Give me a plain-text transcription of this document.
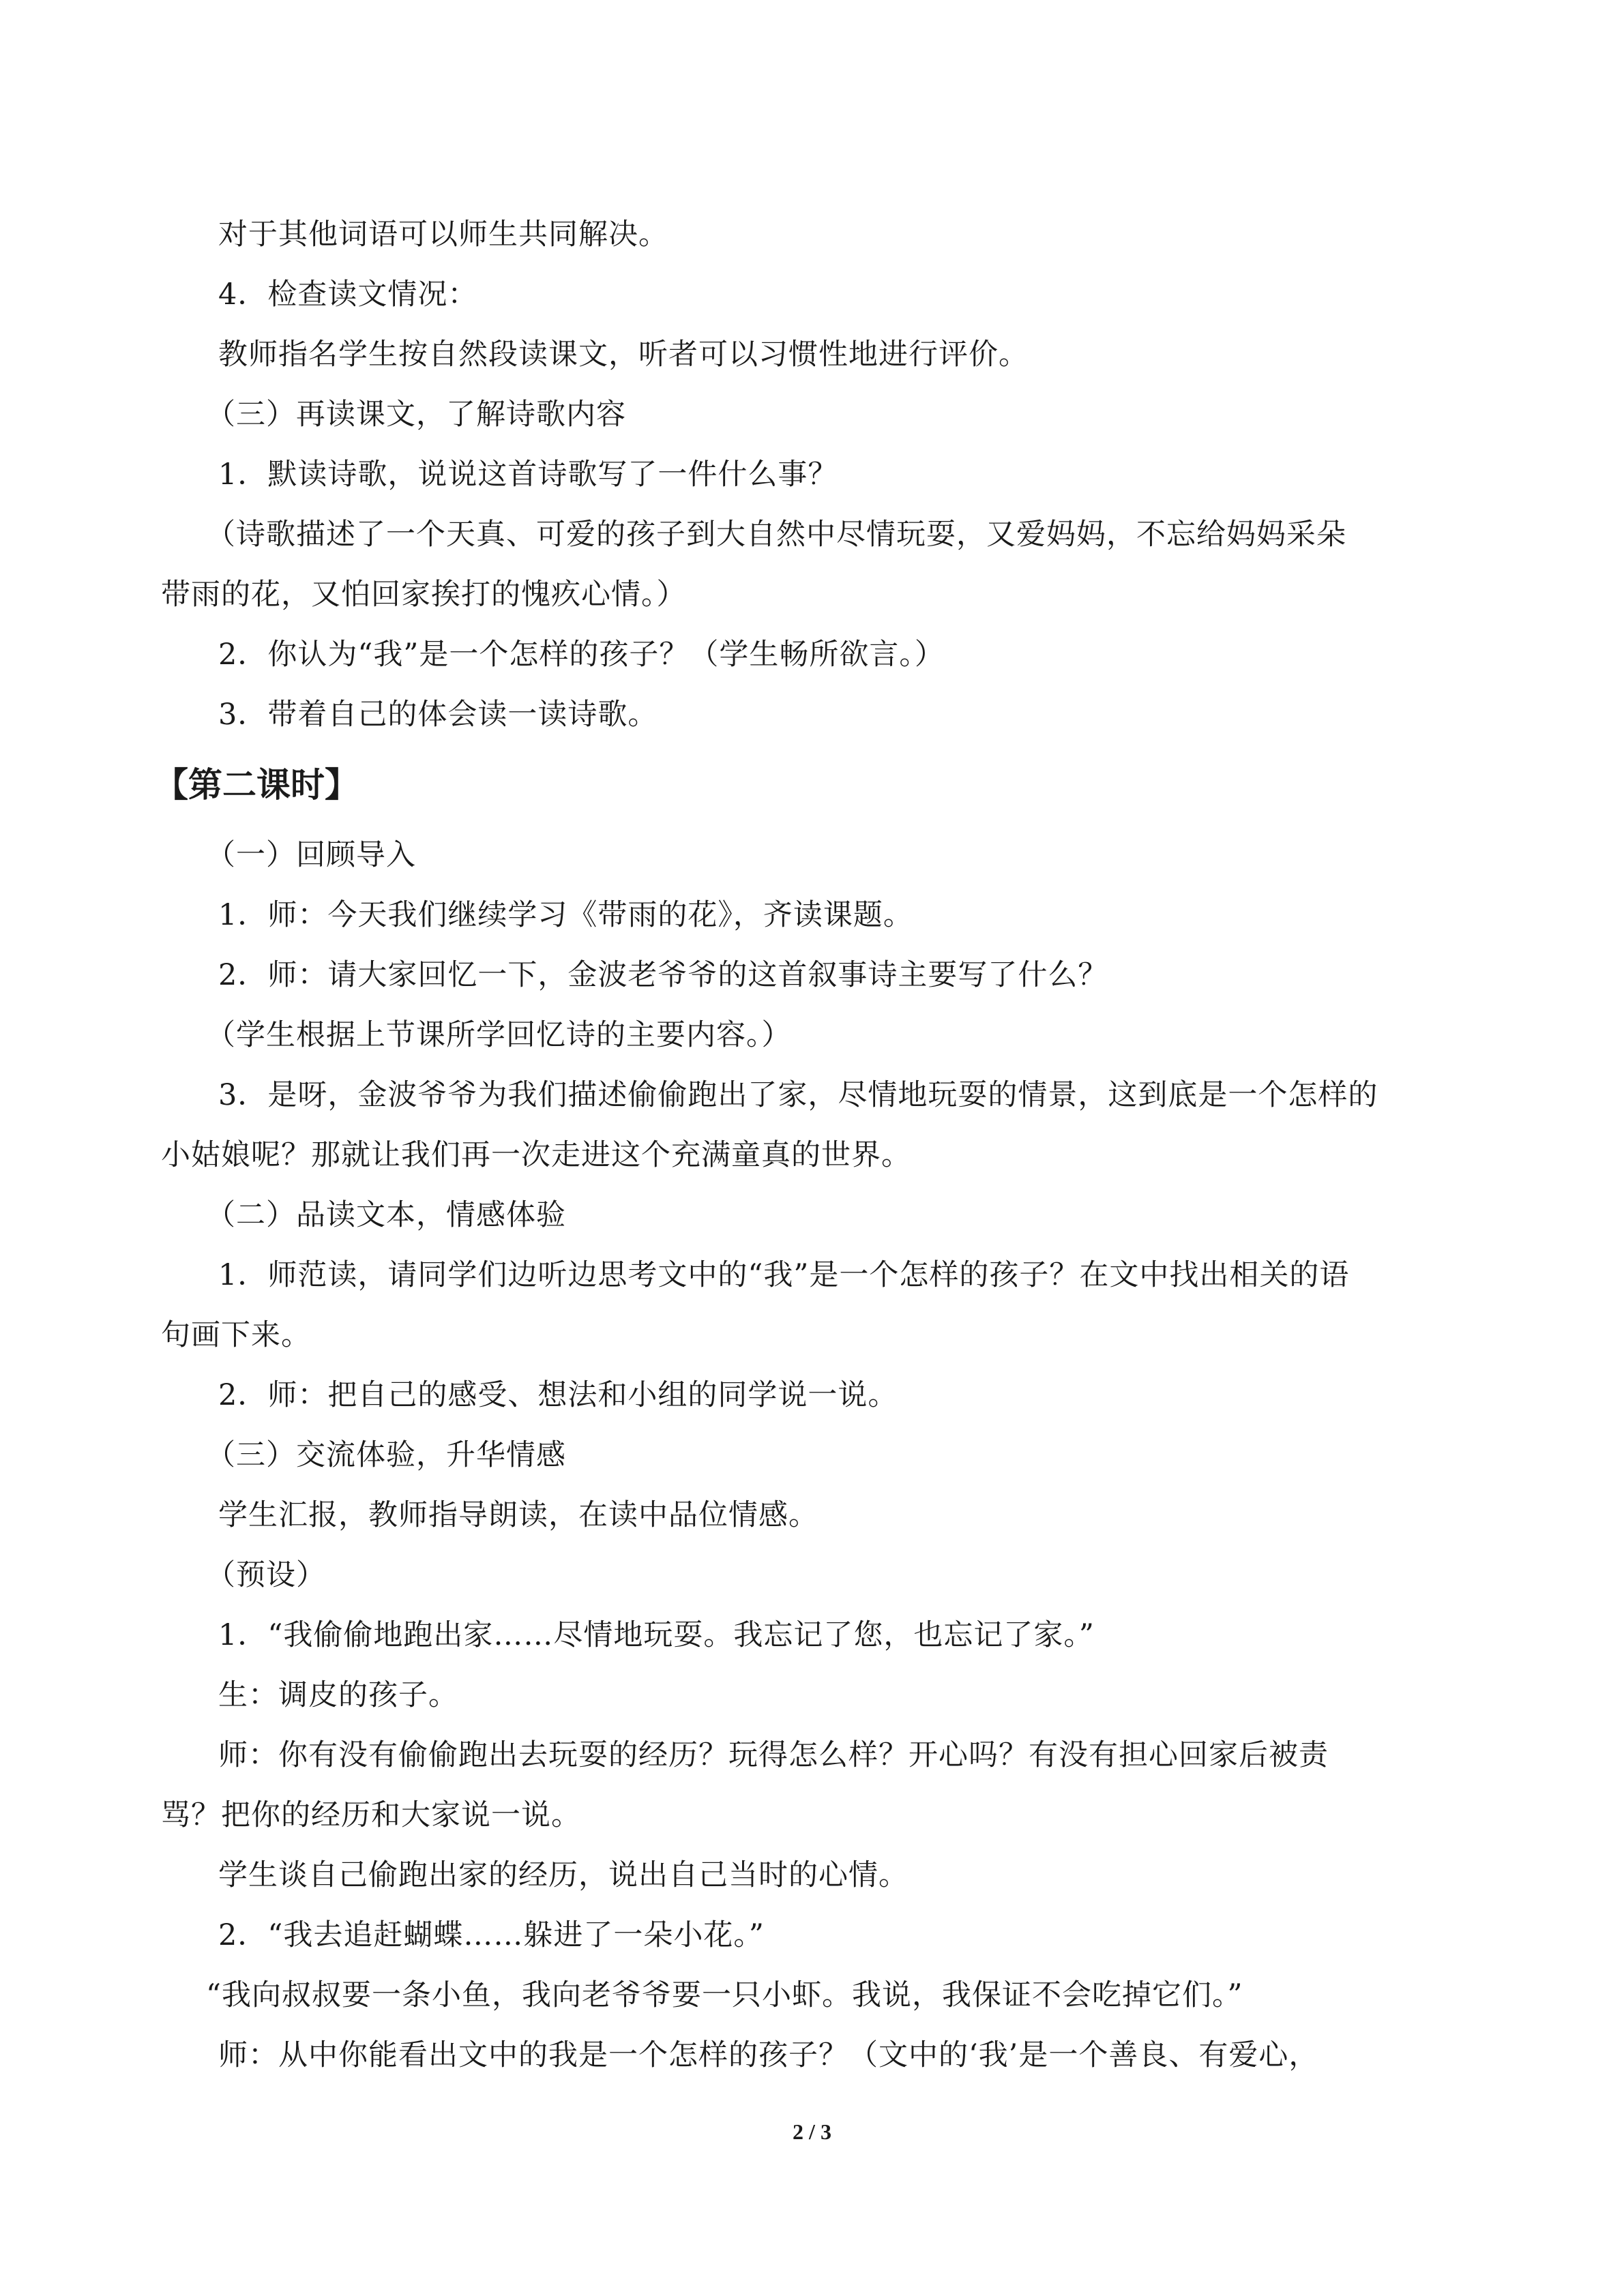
对于其他词语可以师生共同解决。
4．检查读文情况：
教师指名学生按自然段读课文，听者可以习惯性地进行评价。
（三）再读课文，了解诗歌内容
1．默读诗歌，说说这首诗歌写了一件什么事？
（诗歌描述了一个天真、可爱的孩子到大自然中尽情玩耍，又爱妈妈，不忘给妈妈采朵
带雨的花，又怕回家挨打的愧疚心情。）
2．你认为“我”是一个怎样的孩子？（学生畅所欲言。）
3．带着自己的体会读一读诗歌。
【第二课时】
（一）回顾导入
1．师：今天我们继续学习《带雨的花》，齐读课题。
2．师：请大家回忆一下，金波老爷爷的这首叙事诗主要写了什么？
（学生根据上节课所学回忆诗的主要内容。）
3．是呀，金波爷爷为我们描述偷偷跑出了家，尽情地玩耍的情景，这到底是一个怎样的
小姑娘呢？那就让我们再一次走进这个充满童真的世界。
（二）品读文本，情感体验
1．师范读，请同学们边听边思考文中的“我”是一个怎样的孩子？在文中找出相关的语
句画下来。
2．师：把自己的感受、想法和小组的同学说一说。
（三）交流体验，升华情感
学生汇报，教师指导朗读，在读中品位情感。
（预设）
1．“我偷偷地跑出家……尽情地玩耍。我忘记了您，也忘记了家。”
生：调皮的孩子。
师：你有没有偷偷跑出去玩耍的经历？玩得怎么样？开心吗？有没有担心回家后被责
骂？把你的经历和大家说一说。
学生谈自己偷跑出家的经历，说出自己当时的心情。
2．“我去追赶蝴蝶……躲进了一朵小花。”
“我向叔叔要一条小鱼，我向老爷爷要一只小虾。我说，我保证不会吃掉它们。”
师：从中你能看出文中的我是一个怎样的孩子？（文中的‘我’是一个善良、有爱心，
2 / 3
